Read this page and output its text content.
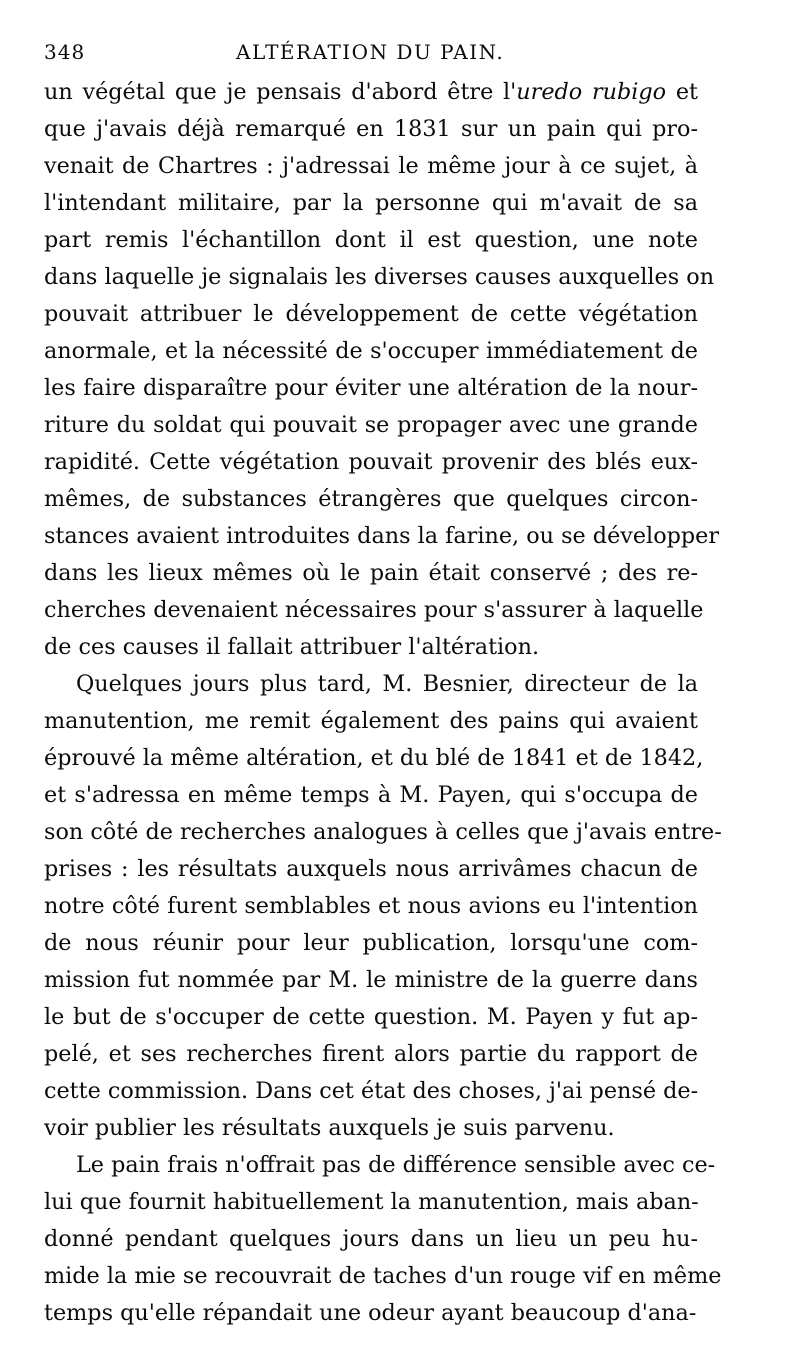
348	ALTÉRATION DU PAIN.
un végétal que je pensais d'abord être l'uredo rubigo et
que j'avais déjà remarqué en 1831 sur un pain qui pro-
venait de Chartres : j'adressai le même jour à ce sujet, à
l'intendant militaire, par la personne qui m'avait de sa
part remis l'échantillon dont il est question, une note
dans laquelle je signalais les diverses causes auxquelles on
pouvait attribuer le développement de cette végétation
anormale, et la nécessité de s'occuper immédiatement de
les faire disparaître pour éviter une altération de la nour-
riture du soldat qui pouvait se propager avec une grande
rapidité. Cette végétation pouvait provenir des blés eux-
mêmes, de substances étrangères que quelques circon-
stances avaient introduites dans la farine, ou se développer
dans les lieux mêmes où le pain était conservé ; des re-
cherches devenaient nécessaires pour s'assurer à laquelle
de ces causes il fallait attribuer l'altération.
Quelques jours plus tard, M. Besnier, directeur de la
manutention, me remit également des pains qui avaient
éprouvé la même altération, et du blé de 1841 et de 1842,
et s'adressa en même temps à M. Payen, qui s'occupa de
son côté de recherches analogues à celles que j'avais entre-
prises : les résultats auxquels nous arrivâmes chacun de
notre côté furent semblables et nous avions eu l'intention
de nous réunir pour leur publication, lorsqu'une com-
mission fut nommée par M. le ministre de la guerre dans
le but de s'occuper de cette question. M. Payen y fut ap-
pelé, et ses recherches firent alors partie du rapport de
cette commission. Dans cet état des choses, j'ai pensé de-
voir publier les résultats auxquels je suis parvenu.
Le pain frais n'offrait pas de différence sensible avec ce-
lui que fournit habituellement la manutention, mais aban-
donné pendant quelques jours dans un lieu un peu hu-
mide la mie se recouvrait de taches d'un rouge vif en même
temps qu'elle répandait une odeur ayant beaucoup d'ana-
